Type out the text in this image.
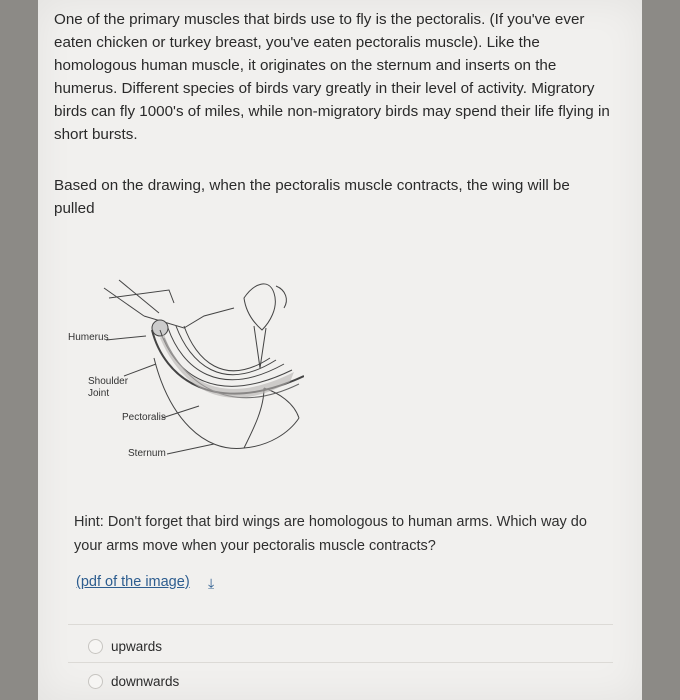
One of the primary muscles that birds use to fly is the pectoralis. (If you've ever eaten chicken or turkey breast, you've eaten pectoralis muscle). Like the homologous human muscle, it originates on the sternum and inserts on the humerus. Different species of birds vary greatly in their level of activity. Migratory birds can fly 1000's of miles, while non-migratory birds may spend their life flying in short bursts.

Based on the drawing, when the pectoralis muscle contracts, the wing will be pulled

Humerus
Shoulder
Joint
Pectoralis
Sternum

Hint: Don't forget that bird wings are homologous to human arms. Which way do your arms move when your pectoralis muscle contracts?

(pdf of the image) ⤓
upwards
downwards
